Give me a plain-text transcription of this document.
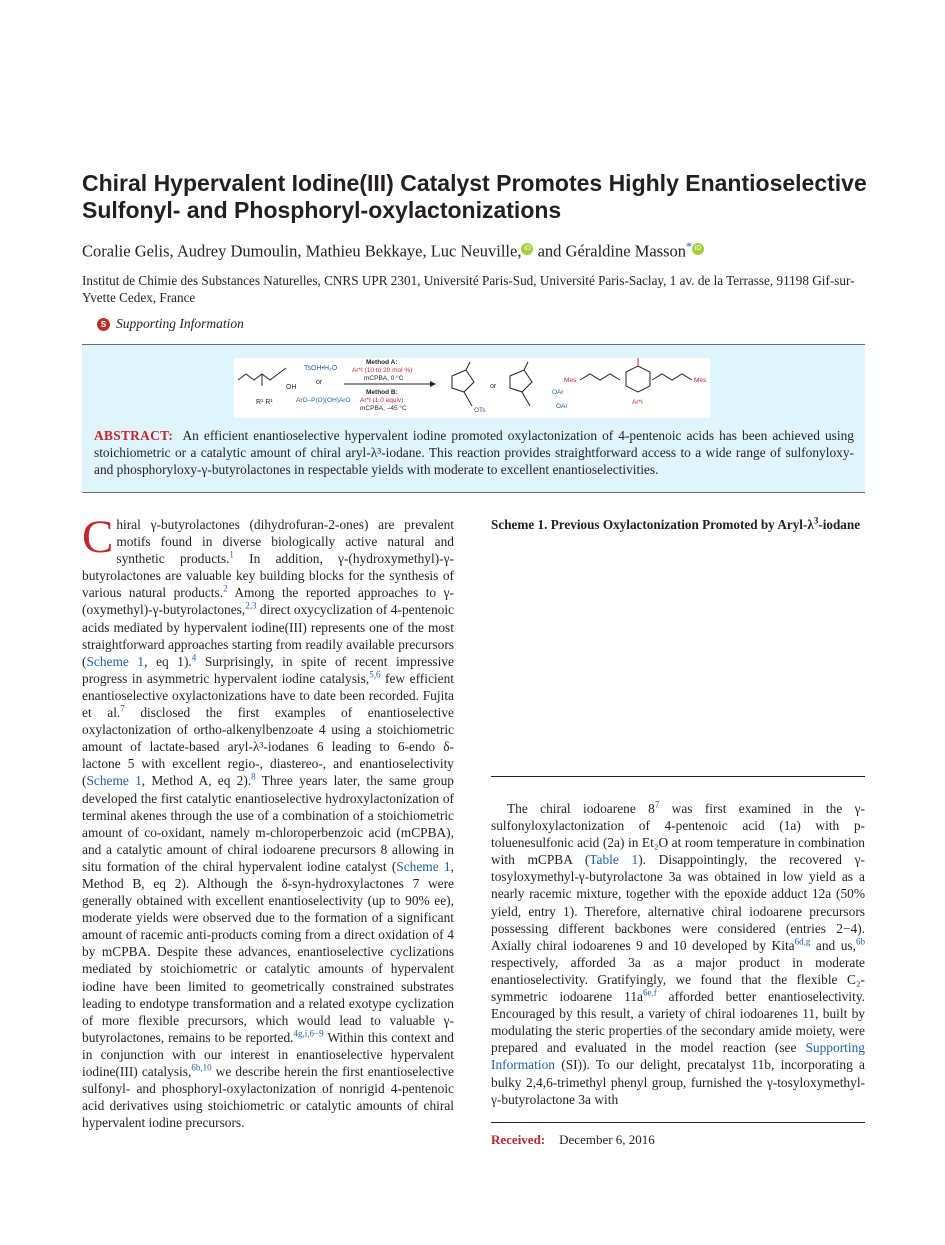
Chiral Hypervalent Iodine(III) Catalyst Promotes Highly Enantioselective Sulfonyl- and Phosphoryl-oxylactonizations
Coralie Gelis, Audrey Dumoulin, Mathieu Bekkaye, Luc Neuville, iD and Géraldine Masson* iD
Institut de Chimie des Substances Naturelles, CNRS UPR 2301, Université Paris-Sud, Université Paris-Saclay, 1 av. de la Terrasse, 91198 Gif-sur-Yvette Cedex, France
S Supporting Information
OH
R¹ R¹
TsOH•H₂O
or
ArO–P(O)(OH)ArO
Method A:
Ar*I (10 to 20 mol %)
mCPBA, 0 °C
Method B:
Ar*I (1.0 equiv)
mCPBA, –45 °C	OTs
or
OAr
OAr
Mes	Mes
Ar*I
ABSTRACT: An efficient enantioselective hypervalent iodine promoted oxylactonization of 4-pentenoic acids has been achieved using stoichiometric or a catalytic amount of chiral aryl-λ³-iodane. This reaction provides straightforward access to a wide range of sulfonyloxy- and phosphoryloxy-γ-butyrolactones in respectable yields with moderate to excellent enantioselectivities.
Chiral γ-butyrolactones (dihydrofuran-2-ones) are prevalent motifs found in diverse biologically active natural and synthetic products.$^1$ In addition, γ-(hydroxymethyl)-γ-butyrolactones are valuable key building blocks for the synthesis of various natural products.$^2$ Among the reported approaches to γ-(oxymethyl)-γ-butyrolactones,$^{2,3}$ direct oxycyclization of 4-pentenoic acids mediated by hypervalent iodine(III) represents one of the most straightforward approaches starting from readily available precursors (Scheme 1, eq 1).$^4$ Surprisingly, in spite of recent impressive progress in asymmetric hypervalent iodine catalysis,$^{5,6}$ few efficient enantioselective oxylactonizations have to date been recorded. Fujita et al.$^7$ disclosed the first examples of enantioselective oxylactonization of ortho-alkenylbenzoate 4 using a stoichiometric amount of lactate-based aryl-λ³-iodanes 6 leading to 6-endo δ-lactone 5 with excellent regio-, diastereo-, and enantioselectivity (Scheme 1, Method A, eq 2).$^8$ Three years later, the same group developed the first catalytic enantioselective hydroxylactonization of terminal akenes through the use of a combination of a stoichiometric amount of co-oxidant, namely m-chloroperbenzoic acid (mCPBA), and a catalytic amount of chiral iodoarene precursors 8 allowing in situ formation of the chiral hypervalent iodine catalyst (Scheme 1, Method B, eq 2). Although the δ-syn-hydroxylactones 7 were generally obtained with excellent enantioselectivity (up to 90% ee), moderate yields were observed due to the formation of a significant amount of racemic anti-products coming from a direct oxidation of 4 by mCPBA. Despite these advances, enantioselective cyclizations mediated by stoichiometric or catalytic amounts of hypervalent iodine have been limited to geometrically constrained substrates leading to endotype transformation and a related exotype cyclization of more flexible precursors, which would lead to valuable γ-butyrolactones, remains to be reported.$^{4g,i,6-9}$ Within this context and in conjunction with our interest in enantioselective hypervalent iodine(III) catalysis,$^{6b,10}$ we describe herein the first enantioselective sulfonyl- and phosphoryl-oxylactonization of nonrigid 4-pentenoic acid derivatives using stoichiometric or catalytic amounts of chiral hypervalent iodine precursors.
Scheme 1. Previous Oxylactonization Promoted by Aryl-$\lambda^3$-iodane
The chiral iodoarene 8$^7$ was first examined in the γ-sulfonyloxylactonization of 4-pentenoic acid (1a) with p-toluenesulfonic acid (2a) in Et₂O at room temperature in combination with mCPBA (Table 1). Disappointingly, the recovered γ-tosyloxymethyl-γ-butyrolactone 3a was obtained in low yield as a nearly racemic mixture, together with the epoxide adduct 12a (50% yield, entry 1). Therefore, alternative chiral iodoarene precursors possessing different backbones were considered (entries 2−4). Axially chiral iodoarenes 9 and 10 developed by Kita$^{6d,g}$ and us,$^{6b}$ respectively, afforded 3a as a major product in moderate enantioselectivity. Gratifyingly, we found that the flexible C₂-symmetric iodoarene 11a$^{6e,f}$ afforded better enantioselectivity. Encouraged by this result, a variety of chiral iodoarenes 11, built by modulating the steric properties of the secondary amide moiety, were prepared and evaluated in the model reaction (see Supporting Information (SI)). To our delight, precatalyst 11b, incorporating a bulky 2,4,6-trimethyl phenyl group, furnished the γ-tosyloxymethyl-γ-butyrolactone 3a with
Received: December 6, 2016
